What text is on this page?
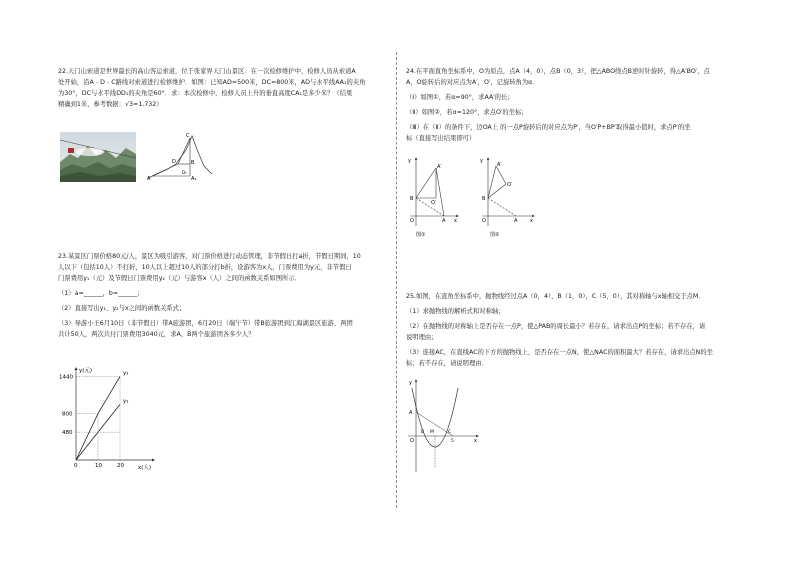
22.天门山索道是世界最长的高山客运索道，位于张家界天门山景区．在一次检修维护中，检修人员从索道A

处开始，沿A﹣D﹣C路线对索道进行检修维护．如图：已知AD=500米，DC=800米，AD与水平线AA₁的夹角

为30°，DC与水平线DD₁的夹角是60°．求：本次检修中，检修人员上升的垂直高度CA₁是多少米？（结果

精确到1米，参考数据：√3≈1.732）

A
D
C
B
A₁
D₁

23.某景区门票价格80元/人，景区为吸引游客，对门票价格进行动态管理，非节假日打a折，节假日期间，10

人以下（包括10人）不打折，10人以上超过10人的部分打b折，设游客为x人，门票费用为y元，非节假日

门票费用y₁（元）及节假日门票费用y₂（元）与游客x（人）之间的函数关系如图所示．

（1）a=______，b=______；

（2）直接写出y₁、y₂与x之间的函数关系式；

（3）导游小王6月10日（非节假日）带A旅游团，6月20日（端午节）带B旅游团到江海湖景区旅游，两团

共计50人，两次共付门票费用3040元，求A、B两个旅游团各多少人？

y(元)
x(人)
1440
800
480
0	10	20
y₁
y₂

24.在平面直角坐标系中，O为原点，点A（4，0），点B（0，3），把△ABO绕点B逆时针旋转，得△A′BO′，点

A，O旋转后的对应点为A′，O′，记旋转角为α．

（Ⅰ）如图①，若α=90°，求AA′的长；

（Ⅱ）如图②，若α=120°，求点O′的坐标；

（Ⅲ）在（Ⅱ）的条件下，边OA上 的一点P旋转后的对应点为P′，当O′P+BP′取得最小值时，求点P′的坐

标（直接写出结果即可）

y
x
B
O	A
A′
O′
图①
y
x
B
O	A
A′
O′
图②

25.如图，在直角坐标系中，抛物线经过点A（0，4），B（1，0），C（5，0），其对称轴与x轴相交于点M．

（1）求抛物线的解析式和对称轴；

（2）在抛物线的对称轴上是否存在一点P，使△PAB的周长最小？若存在，请求出点P的坐标；若不存在，请

说明理由；

（3）连接AC，在直线AC的下方的抛物线上，是否存在一点N，使△NAC的面积最大？若存在，请求出点N的坐

标；若不存在，请说明理由．

y
x
A
O
B M	C
5
